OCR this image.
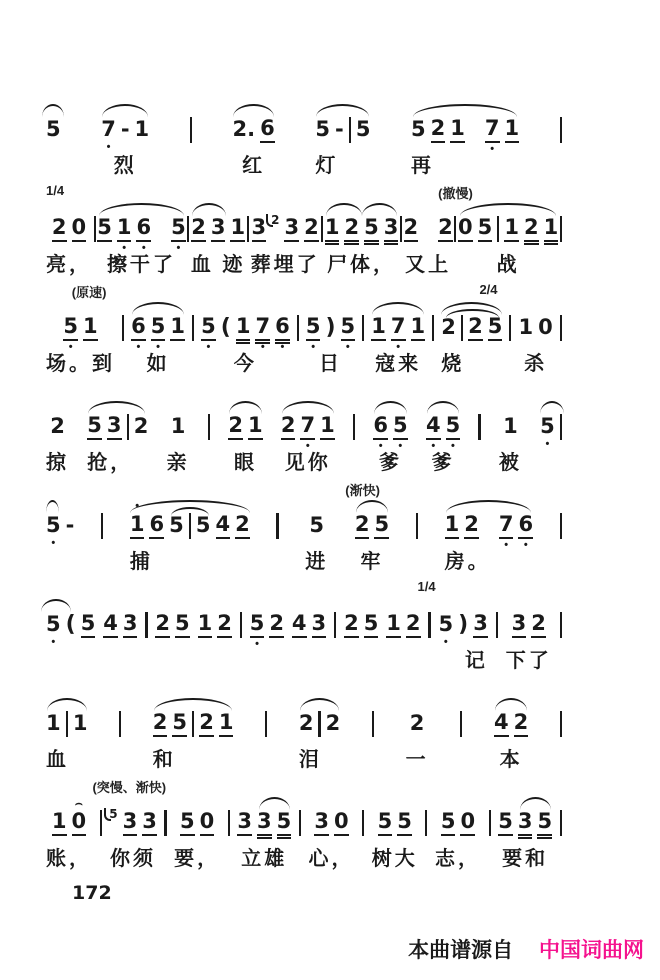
5 7
•
- 1
烈
2. 6
红
5 - 5
灯
5 2 1 7
•
1
再
1/4	(撤慢)
2 0
亮，
5 1
•
6
•
5
•
擦干了
2 3 1
血 迹
3 2 3 2
葬埋了
1 2 5 3
尸体，
2 2
又上
0 5 1 2 1
战
(原速)	2/4
5
•
1
场。到
6
•
5
•
1
如
5
•
( 1 7
•
6
•
今
5
•
) 5
•
日
1 7
•
1
寇来
2 2 5
烧
1 0
杀
2
掠
5 3 2
抢，
1
亲
2 1
眼
2 7
•
1
见你
6
•
5
•
爹
4
•
5
•
爹
1
被
5
•
(渐快)
5
•
-	1
•
6 5 5 4 2
捕
5
进
2 5
牢
1 2 7
•
6
•
房。
1/4
5
•
( 5 4 3 2 5 1 2 5
•
2 4 3 2 5 1 2 5
•
) 3
记
3 2
下了
1 1
血
2 5 2 1
和
2 2
泪
2
一
4 2
本
(突慢、渐快)
1 0
⌢
账，
5 3 3
你须
5 0
要，
3 3 5
立雄
3 0
心，
5 5
树大
5 0
志，
5 3 5
要和
172
本曲谱源自 中国词曲网
